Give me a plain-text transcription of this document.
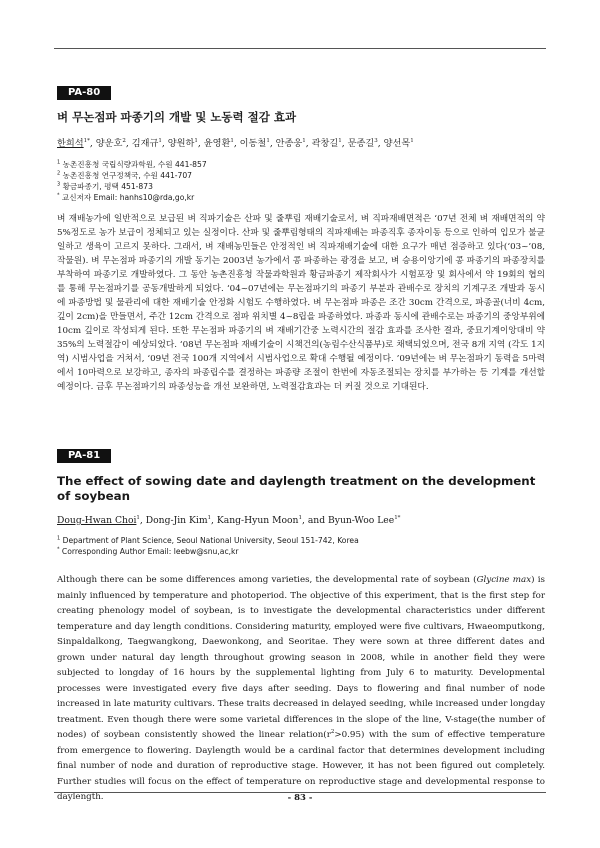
PA-80
벼 무논점파 파종기의 개발 및 노동력 절감 효과
한희석$^{1*}$, 양운호$^2$, 김재규$^1$, 양원하$^1$, 윤영환$^1$, 이동철$^1$, 안종웅$^1$, 곽창길$^1$, 문종길$^3$, 양선목$^1$
$^1$ 농촌진흥청 국립식량과학원, 수원 441-857
$^2$ 농촌진흥청 연구정책국, 수원 441-707
$^3$ 황금파종기, 평택 451-873
* 교신저자 Email: hanhs10@rda,go,kr
벼 재배농가에 일반적으로 보급된 벼 직파기술은 산파 및 줄뿌림 재배기술로서, 벼 직파재배면적은 ‘07년 전체 벼 재배면적의 약 5%정도로 농가 보급이 정체되고 있는 실정이다. 산파 및 줄뿌림형태의 직파재배는 파종직후 종자이동 등으로 인하여 입모가 불균일하고 생육이 고르지 못하다. 그래서, 벼 재배농민들은 안정적인 벼 직파재배기술에 대한 요구가 매년 점증하고 있다(‘03~’08, 작물원). 벼 무논점파 파종기의 개발 동기는 2003년 농가에서 콩 파종하는 광경을 보고, 벼 승용이앙기에 콩 파종기의 파종장치를 부착하여 파종기로 개발하였다. 그 동안 농촌진흥청 작물과학원과 황금파종기 제작회사가 시험포장 및 회사에서 약 19회의 협의를 통해 무논점파기를 공동개발하게 되었다. ‘04~07년에는 무논점파기의 파종기 부분과 관배수로 장치의 기계구조 개발과 동시에 파종방법 및 물관리에 대한 재배기술 안정화 시험도 수행하였다. 벼 무논점파 파종은 조간 30cm 간격으로, 파종골(너비 4cm, 깊이 2cm)을 만들면서, 주간 12cm 간격으로 점파 위치별 4~8립을 파종하였다. 파종과 동시에 관배수로는 파종기의 중앙부위에 10cm 깊이로 작성되게 된다. 또한 무논점파 파종기의 벼 재배기간중 노력시간의 절감 효과를 조사한 결과, 중묘기계이앙대비 약 35%의 노력절감이 예상되었다. ‘08년 무논점파 재배기술이 시책건의(농림수산식품부)로 채택되었으며, 전국 8개 지역 (각도 1지역) 시범사업을 거쳐서, ‘09년 전국 100개 지역에서 시범사업으로 확대 수행될 예정이다. ’09년에는 벼 무논점파기 동력을 5마력에서 10마력으로 보강하고, 종자의 파종립수를 결정하는 파종량 조절이 한번에 자동조절되는 장치를 부가하는 등 기계를 개선할 예정이다. 금후 무논점파기의 파종성능을 개선 보완하면, 노력절감효과는 더 커질 것으로 기대된다.
PA-81
The effect of sowing date and daylength treatment on the development of soybean
Doug-Hwan Choi$^1$, Dong-Jin Kim$^1$, Kang-Hyun Moon$^1$, and Byun-Woo Lee$^{1*}$
$^1$ Department of Plant Science, Seoul National University, Seoul 151-742, Korea
* Corresponding Author Email: leebw@snu,ac,kr
Although there can be some differences among varieties, the developmental rate of soybean (Glycine max) is mainly influenced by temperature and photoperiod. The objective of this experiment, that is the first step for creating phenology model of soybean, is to investigate the developmental characteristics under different temperature and day length conditions. Considering maturity, employed were five cultivars, Hwaeomputkong, Sinpaldalkong, Taegwangkong, Daewonkong, and Seoritae. They were sown at three different dates and grown under natural day length throughout growing season in 2008, while in another field they were subjected to longday of 16 hours by the supplemental lighting from July 6 to maturity. Developmental processes were investigated every five days after seeding. Days to flowering and final number of node increased in late maturity cultivars. These traits decreased in delayed seeding, while increased under longday treatment. Even though there were some varietal differences in the slope of the line, V-stage(the number of nodes) of soybean consistently showed the linear $relation(r^2>0.95)$ with the sum of effective temperature from emergence to flowering. Daylength would be a cardinal factor that determines development including final number of node and duration of reproductive stage. However, it has not been figured out completely. Further studies will focus on the effect of temperature on reproductive stage and developmental response to daylength.	- 83 -
